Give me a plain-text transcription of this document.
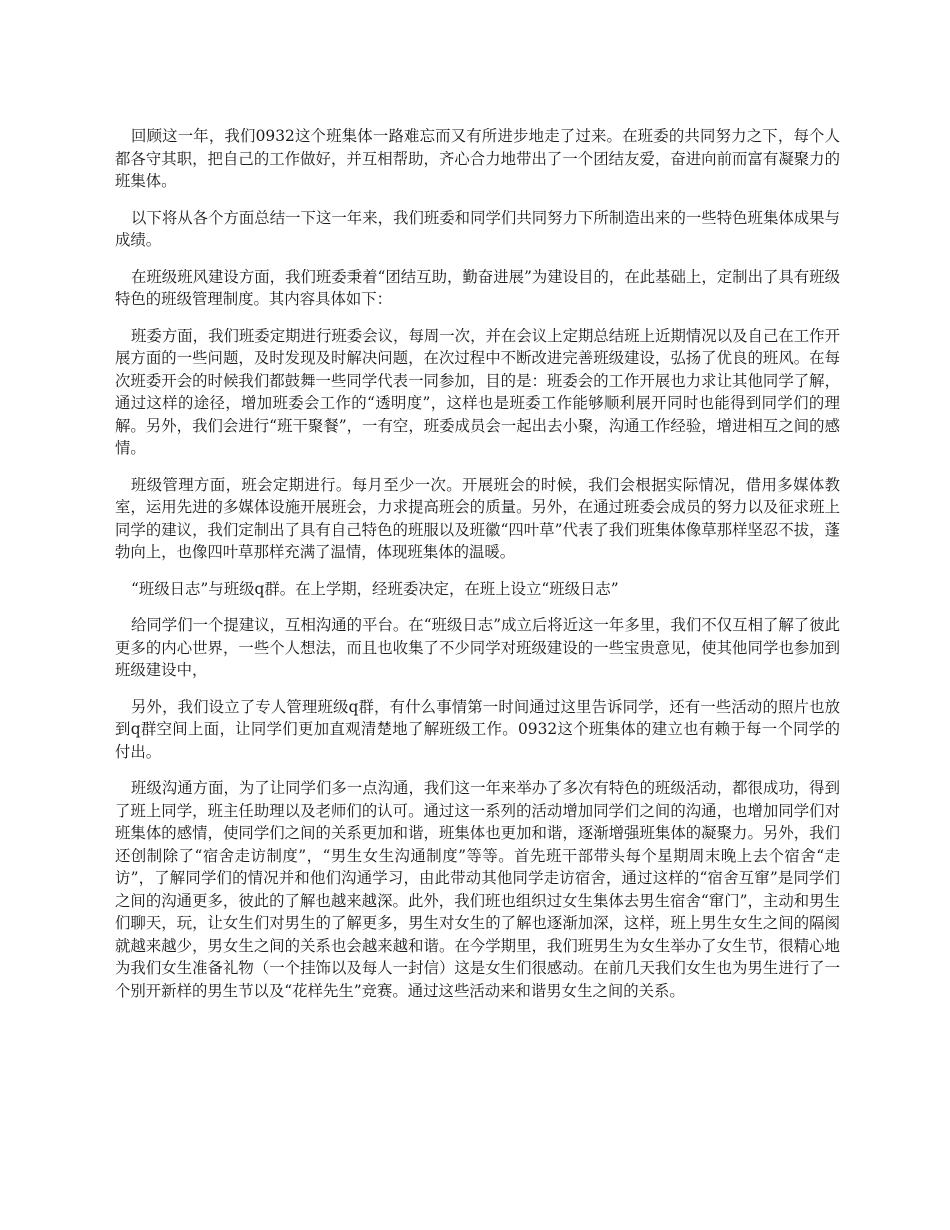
回顾这一年，我们0932这个班集体一路难忘而又有所进步地走了过来。在班委的共同努力之下，每个人都各守其职，把自己的工作做好，并互相帮助，齐心合力地带出了一个团结友爱，奋进向前而富有凝聚力的班集体。

以下将从各个方面总结一下这一年来，我们班委和同学们共同努力下所制造出来的一些特色班集体成果与成绩。

在班级班风建设方面，我们班委秉着“团结互助，勤奋进展”为建设目的，在此基础上，定制出了具有班级特色的班级管理制度。其内容具体如下：

班委方面，我们班委定期进行班委会议，每周一次，并在会议上定期总结班上近期情况以及自己在工作开展方面的一些问题，及时发现及时解决问题，在次过程中不断改进完善班级建设，弘扬了优良的班风。在每次班委开会的时候我们都鼓舞一些同学代表一同参加，目的是：班委会的工作开展也力求让其他同学了解，通过这样的途径，增加班委会工作的“透明度”，这样也是班委工作能够顺利展开同时也能得到同学们的理解。另外，我们会进行“班干聚餐”，一有空，班委成员会一起出去小聚，沟通工作经验，增进相互之间的感情。

班级管理方面，班会定期进行。每月至少一次。开展班会的时候，我们会根据实际情况，借用多媒体教室，运用先进的多媒体设施开展班会，力求提高班会的质量。另外，在通过班委会成员的努力以及征求班上同学的建议，我们定制出了具有自己特色的班服以及班徽“四叶草”代表了我们班集体像草那样坚忍不拔，蓬勃向上，也像四叶草那样充满了温情，体现班集体的温暖。

“班级日志”与班级q群。在上学期，经班委决定，在班上设立“班级日志”

给同学们一个提建议，互相沟通的平台。在“班级日志”成立后将近这一年多里，我们不仅互相了解了彼此更多的内心世界，一些个人想法，而且也收集了不少同学对班级建设的一些宝贵意见，使其他同学也参加到班级建设中，

另外，我们设立了专人管理班级q群，有什么事情第一时间通过这里告诉同学，还有一些活动的照片也放到q群空间上面，让同学们更加直观清楚地了解班级工作。0932这个班集体的建立也有赖于每一个同学的付出。

班级沟通方面，为了让同学们多一点沟通，我们这一年来举办了多次有特色的班级活动，都很成功，得到了班上同学，班主任助理以及老师们的认可。通过这一系列的活动增加同学们之间的沟通，也增加同学们对班集体的感情，使同学们之间的关系更加和谐，班集体也更加和谐，逐渐增强班集体的凝聚力。另外，我们还创制除了“宿舍走访制度”，“男生女生沟通制度”等等。首先班干部带头每个星期周末晚上去个宿舍“走访”，了解同学们的情况并和他们沟通学习，由此带动其他同学走访宿舍，通过这样的“宿舍互窜”是同学们之间的沟通更多，彼此的了解也越来越深。此外，我们班也组织过女生集体去男生宿舍“窜门”，主动和男生们聊天，玩，让女生们对男生的了解更多，男生对女生的了解也逐渐加深，这样，班上男生女生之间的隔阂就越来越少，男女生之间的关系也会越来越和谐。在今学期里，我们班男生为女生举办了女生节，很精心地为我们女生准备礼物（一个挂饰以及每人一封信）这是女生们很感动。在前几天我们女生也为男生进行了一个别开新样的男生节以及“花样先生”竞赛。通过这些活动来和谐男女生之间的关系。
